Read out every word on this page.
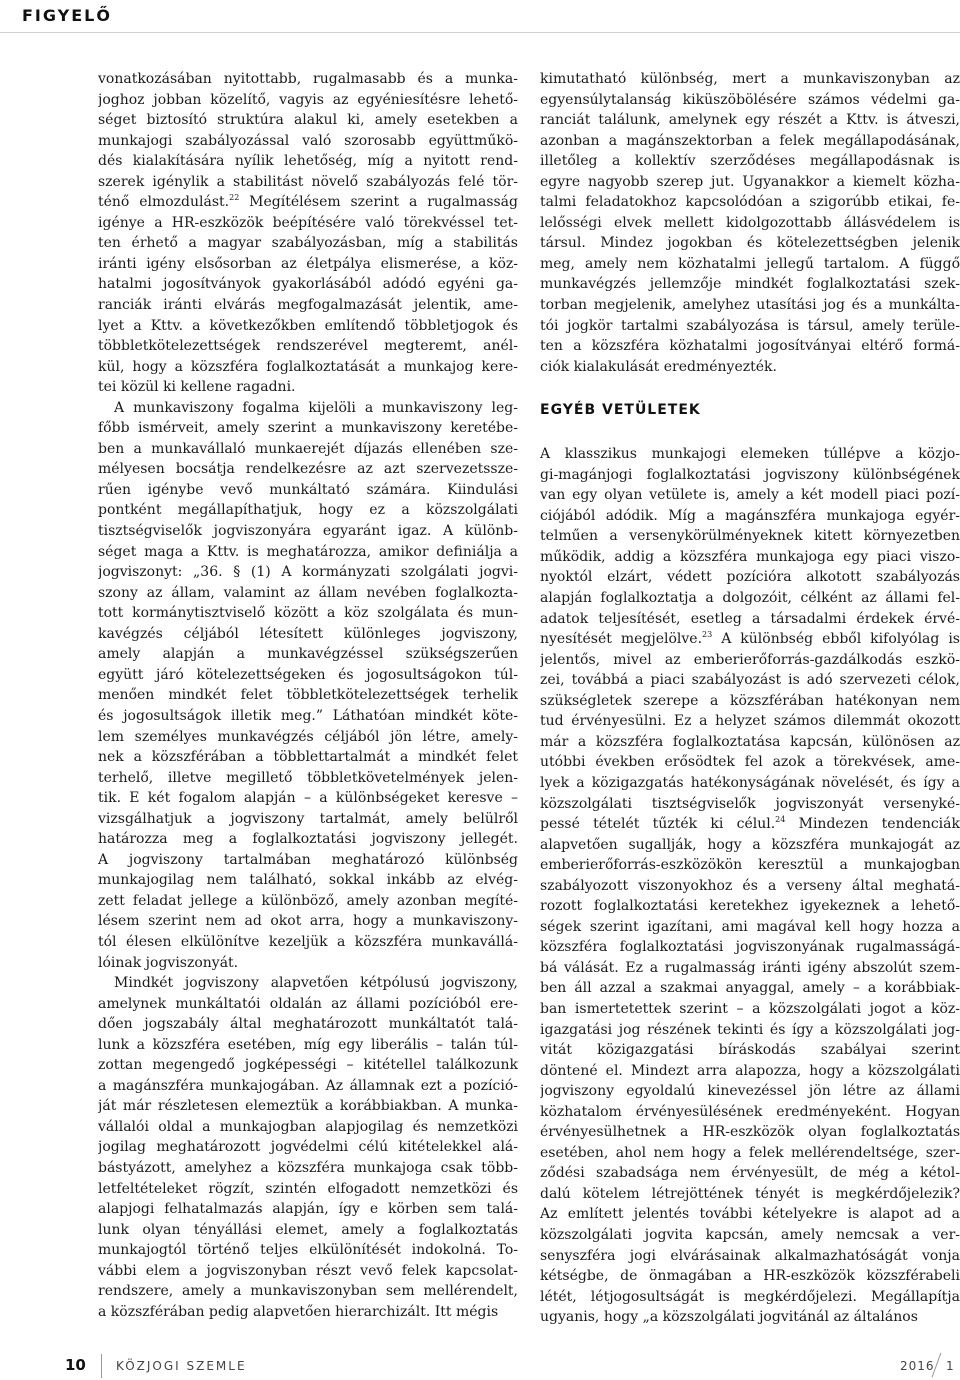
FIGYELŐ
vonatkozásában nyitottabb, rugalmasabb és a munka-
joghoz jobban közelítő, vagyis az egyéniesítésre lehető-
séget biztosító struktúra alakul ki, amely esetekben a
munkajogi szabályozással való szorosabb együttműkö-
dés kialakítására nyílik lehetőség, míg a nyitott rend-
szerek igénylik a stabilitást növelő szabályozás felé tör-
ténő elmozdulást.$^{22}$ Megítélésem szerint a rugalmasság
igénye a HR-eszközök beépítésére való törekvéssel tet-
ten érhető a magyar szabályozásban, míg a stabilitás
iránti igény elsősorban az életpálya elismerése, a köz-
hatalmi jogosítványok gyakorlásából adódó egyéni ga-
ranciák iránti elvárás megfogalmazását jelentik, ame-
lyet a Kttv. a következőkben említendő többletjogok és
többletkötelezettségek rendszerével megteremt, anél-
kül, hogy a közszféra foglalkoztatását a munkajog kere-
tei közül ki kellene ragadni.
A munkaviszony fogalma kijelöli a munkaviszony leg-
főbb ismérveit, amely szerint a munkaviszony keretébe-
ben a munkavállaló munkaerejét díjazás ellenében sze-
mélyesen bocsátja rendelkezésre az azt szervezetssze-
rűen igénybe vevő munkáltató számára. Kiindulási
pontként megállapíthatjuk, hogy ez a közszolgálati
tisztségviselők jogviszonyára egyaránt igaz. A különb-
séget maga a Kttv. is meghatározza, amikor definiálja a
jogviszonyt: „36. § (1) A kormányzati szolgálati jogvi-
szony az állam, valamint az állam nevében foglalkozta-
tott kormánytisztviselő között a köz szolgálata és mun-
kavégzés céljából létesített különleges jogviszony,
amely alapján a munkavégzéssel szükségszerűen
együtt járó kötelezettségeken és jogosultságokon túl-
menően mindkét felet többletkötelezettségek terhelik
és jogosultságok illetik meg.” Láthatóan mindkét köte-
lem személyes munkavégzés céljából jön létre, amely-
nek a közszférában a többlettartalmát a mindkét felet
terhelő, illetve megillető többletkövetelmények jelen-
tik. E két fogalom alapján – a különbségeket keresve –
vizsgálhatjuk a jogviszony tartalmát, amely belülről
határozza meg a foglalkoztatási jogviszony jellegét.
A jogviszony tartalmában meghatározó különbség
munkajogilag nem található, sokkal inkább az elvég-
zett feladat jellege a különböző, amely azonban megíté-
lésem szerint nem ad okot arra, hogy a munkaviszony-
tól élesen elkülönítve kezeljük a közszféra munkavállá-
lóinak jogviszonyát.
Mindkét jogviszony alapvetően kétpólusú jogviszony,
amelynek munkáltatói oldalán az állami pozícióból ere-
dően jogszabály által meghatározott munkáltatót talá-
lunk a közszféra esetében, míg egy liberális – talán túl-
zottan megengedő jogképességi – kitétellel találkozunk
a magánszféra munkajogában. Az államnak ezt a pozíció-
ját már részletesen elemeztük a korábbiakban. A munka-
vállalói oldal a munkajogban alapjogilag és nemzetközi
jogilag meghatározott jogvédelmi célú kitételekkel alá-
bástyázott, amelyhez a közszféra munkajoga csak több-
letfeltételeket rögzít, szintén elfogadott nemzetközi és
alapjogi felhatalmazás alapján, így e körben sem talá-
lunk olyan tényállási elemet, amely a foglalkoztatás
munkajogtól történő teljes elkülönítését indokolná. To-
vábbi elem a jogviszonyban részt vevő felek kapcsolat-
rendszere, amely a munkaviszonyban sem mellérendelt,
a közszférában pedig alapvetően hierarchizált. Itt mégis
kimutatható különbség, mert a munkaviszonyban az
egyensúlytalanság kiküszöbölésére számos védelmi ga-
ranciát találunk, amelynek egy részét a Kttv. is átveszi,
azonban a magánszektorban a felek megállapodásának,
illetőleg a kollektív szerződéses megállapodásnak is
egyre nagyobb szerep jut. Ugyanakkor a kiemelt közha-
talmi feladatokhoz kapcsolódóan a szigorúbb etikai, fe-
lelősségi elvek mellett kidolgozottabb állásvédelem is
társul. Mindez jogokban és kötelezettségben jelenik
meg, amely nem közhatalmi jellegű tartalom. A függő
munkavégzés jellemzője mindkét foglalkoztatási szek-
torban megjelenik, amelyhez utasítási jog és a munkálta-
tói jogkör tartalmi szabályozása is társul, amely terüle-
ten a közszféra közhatalmi jogosítványai eltérő formá-
ciók kialakulását eredményezték.
EGYÉB VETÜLETEK
A klasszikus munkajogi elemeken túllépve a közjo-
gi-magánjogi foglalkoztatási jogviszony különbségének
van egy olyan vetülete is, amely a két modell piaci pozí-
ciójából adódik. Míg a magánszféra munkajoga egyér-
telműen a versenykörülményeknek kitett környezetben
működik, addig a közszféra munkajoga egy piaci viszo-
nyoktól elzárt, védett pozícióra alkotott szabályozás
alapján foglalkoztatja a dolgozóit, célként az állami fel-
adatok teljesítését, esetleg a társadalmi érdekek érvé-
nyesítését megjelölve.$^{23}$ A különbség ebből kifolyólag is
jelentős, mivel az emberierőforrás-gazdálkodás eszkö-
zei, továbbá a piaci szabályozást is adó szervezeti célok,
szükségletek szerepe a közszférában hatékonyan nem
tud érvényesülni. Ez a helyzet számos dilemmát okozott
már a közszféra foglalkoztatása kapcsán, különösen az
utóbbi években erősödtek fel azok a törekvések, ame-
lyek a közigazgatás hatékonyságának növelését, és így a
közszolgálati tisztségviselők jogviszonyát versenyké-
pessé tételét tűzték ki célul.$^{24}$ Mindezen tendenciák
alapvetően sugallják, hogy a közszféra munkajogát az
emberierőforrás-eszközökön keresztül a munkajogban
szabályozott viszonyokhoz és a verseny által meghatá-
rozott foglalkoztatási keretekhez igyekeznek a lehető-
ségek szerint igazítani, ami magával kell hogy hozza a
közszféra foglalkoztatási jogviszonyának rugalmasságá-
bá válását. Ez a rugalmasság iránti igény abszolút szem-
ben áll azzal a szakmai anyaggal, amely – a korábbiak-
ban ismertetettek szerint – a közszolgálati jogot a köz-
igazgatási jog részének tekinti és így a közszolgálati jog-
vitát közigazgatási bíráskodás szabályai szerint
döntené el. Mindezt arra alapozza, hogy a közszolgálati
jogviszony egyoldalú kinevezéssel jön létre az állami
közhatalom érvényesülésének eredményeként. Hogyan
érvényesülhetnek a HR-eszközök olyan foglalkoztatás
esetében, ahol nem hogy a felek mellérendeltsége, szer-
ződési szabadsága nem érvényesült, de még a kétol-
dalú kötelem létrejöttének tényét is megkérdőjelezik?
Az említett jelentés további kételyekre is alapot ad a
közszolgálati jogvita kapcsán, amely nemcsak a ver-
senyszféra jogi elvárásainak alkalmazhatóságát vonja
kétségbe, de önmagában a HR-eszközök közszférabeli
létét, létjogosultságát is megkérdőjelezi. Megállapítja
ugyanis, hogy „a közszolgálati jogvitánál az általános
10	KÖZJOGI SZEMLE	2016 1
